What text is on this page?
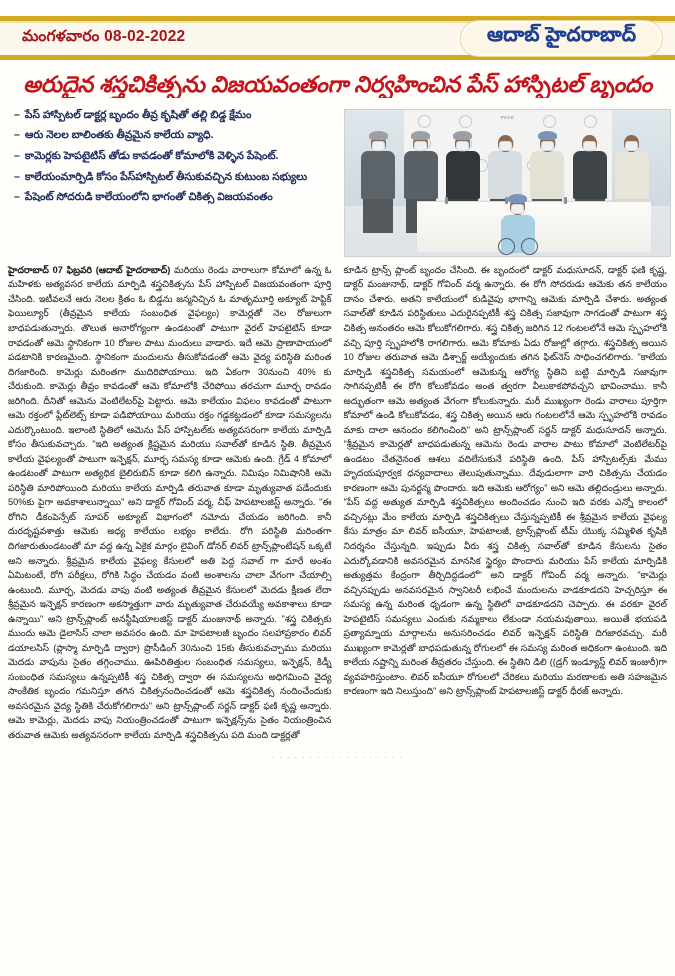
మంగళవారం 08-02-2022	ఆదాబ్ హైదరాబాద్
అరుదైన శస్త్రచికిత్సను విజయవంతంగా నిర్వహించిన పేస్ హాస్పిటల్ బృందం
– పేస్ హాస్పిటల్ డాక్టర్ల బృందం తీవ్ర కృషితో తల్లి బిడ్డ క్షేమం
– ఆరు నెలల బాలింతకు తీవ్రమైన కాలేయ వ్యాధి.
– కామెర్లకు హెపటైటిస్ తోడు కావడంతో కోమాలోకి వెళ్ళిన పేషెంట్.
– కాలేయంమార్పిడి కోసం పేస్‌హాస్పిటల్ తీసుకువచ్చిన కుటుంబ సభ్యులు
– పేషెంట్ సోదరుడి కాలేయంలోని భాగంతో చికిత్స విజయవంతం
PACE

హైదరాబాద్ 07 ఫిబ్రవరి (ఆదాబ్ హైదరాబాద్) మరియు రెండు వారాలుగా కోమాలో ఉన్న ఓ మహిళకు అత్యవసర కాలేయ మార్పిడి శస్త్రచికిత్సను పేస్ హాస్పిటల్ విజయవంతంగా పూర్తి చేసింది. ఇటీవలనే ఆరు నెలల క్రితం ఓ బిడ్డను జన్మనిచ్చిన ఓ మాతృమూర్తి అక్యూట్ హెప్టిక్ ఫెయిల్యూర్ (తీవ్రమైన కాలేయ సంబంధిత వైఫల్యం) కామెర్లతో నెల రోజులుగా బాధపడుతున్నారు. తొలుత అనారోగ్యంగా ఉండటంతో పాటుగా వైరల్ హెపటైటిస్ కూడా రావడంతో ఆమె స్థానికంగా 10 రోజుల పాటు మందులు వాడారు. ఇదే ఆమె ప్రాణాపాయంలో పడటానికి కారణమైంది. స్థానికంగా మందులను తీసుకోవడంతో ఆమె వైద్య పరిస్థితి మరింత దిగజారింది. కామెర్లు మరింతగా ముదిరిపోయాయి. ఇది ఏకంగా 30నుంచి 40% కు చేరుకుంది. కామెర్లు తీవ్రం కావడంతో ఆమె కోమాలోకి చేరిపోయి తరచుగా మూర్ఛ రావడం జరిగింది. దీనితో ఆమెను వెంటిలేటర్‌పై పెట్టారు. ఆమె కాలేయం విఫలం కావడంతో పాటుగా ఆమె రక్తంలో ప్లేట్‌లెట్స్ కూడా పడిపోయాయి మరియు రక్తం గడ్డకట్టడంలో కూడా సమస్యలను ఎదుర్కొంటుంది. ఇలాంటి స్థితిలో ఆమెను పేస్ హాస్పిటల్‌కు అత్యవసరంగా కాలేయ మార్పిడి కోసం తీసుకువచ్చారు. "ఇది అత్యంత క్లిష్టమైన మరియు సవాల్‌తో కూడిన స్థితి. తీవ్రమైన కాలేయ వైఫల్యంతో పాటుగా ఇన్ఫెక్షన్, మూర్ఛ సమస్య కూడా ఆమెకు ఉంది. గ్రేడ్ 4 కోమాలో ఉండటంతో పాటుగా అత్యధిక బైలిరుబిన్ కూడా కలిగి ఉన్నారు. నిమిషం నిమిషానికి ఆమె పరిస్థితి మారిపోయింది మరియు కాలేయ మార్పిడి తరువాత కూడా మృత్యువాత పడేందుకు 50%కు పైగా అవకాశాలున్నాయి" అని డాక్టర్ గోవింద్ వర్మ, చీఫ్ హెపటాలజిస్ట్ అన్నారు. "ఈ రోగిని డీకంపెన్సేట్ సూపర్ అక్యూట్ విభాగంలో నమోదు చేయడం జరిగింది. కానీ దురదృష్టవశాత్తు ఆమెకు అధ్య కాలేయం లభ్యం కాలేదు. రోగి పరిస్థితి మరింతగా దిగజారుతుండటంతో మా వద్ద ఉన్న ఏకైక మార్గం లైవింగ్ డోనర్ లివర్ ట్రాన్స్‌ప్లాంటేషన్ ఒక్కటే అని అన్నారు. శ్రీవ్రమైన కాలేయ వైఫల్య కేసులలో అతి పెద్ద సవాల్ గా మారే అంశం ఏమిటంటే, రోగి పరీక్షలు, రోగికి సిద్ధం చేయడం వంటి అంశాలను చాలా వేగంగా చేయాల్సి ఉంటుంది. మూర్ఛ, మెదడు వాపు వంటి అత్యంత తీవ్రమైన కేసులలో మెదడు క్షీణత లేదా శ్రీవ్రమైన ఇన్ఫెక్షన్ కారణంగా అకస్మాత్తుగా వారు మృత్యువాత చేరువయ్యే అవకాశాలు కూడా ఉన్నాయి" అని ట్రాన్స్‌ప్లాంట్ అనస్థీషియాలజిస్ట్ డాక్టర్ మంజునాథ్ అన్నారు. "శస్త్ర చికిత్సకు ముందు ఆమె డైలాసిస్ చాలా అవసరం ఉంది. మా హెపటాలజీ బృందం సలహాప్రకారం లివర్ డయాలసిస్ (ప్లాస్మా మార్పిడి ద్వారా) ప్రొసీడింగ్ 30నుంచి 15కు తీసుకువచ్చాము మరియు మెదడు వాపును సైతం తగ్గించాము. ఊపిరితిత్తుల సంబంధిత సమస్యలు, ఇన్ఫెక్షన్, కిడ్నీ సంబంధిత సమస్యలు ఉన్నప్పటికీ శస్త్ర చికిత్స ద్వారా ఈ సమస్యలను అధిగమించి వైద్య సాంకేతిక బృందం గమనిస్తూ తగిన చికిత్సనందించడంతో ఆమె శస్త్రచికిత్స నందించేందుకు అవసరమైన వైద్య స్థితికి చేరుకోగలిగారు" అని ట్రాన్స్‌ప్లాంట్ సర్జన్ డాక్టర్ ఫణి కృష్ణ అన్నారు. ఆమె కామెర్లు, మెదడు వాపు నియంత్రించడంతో పాటుగా ఇన్ఫెక్షన్స్‌ను సైతం నియంత్రించిన తరువాత ఆమెకు అత్యవసరంగా కాలేయ మార్పిడి శస్త్రచికిత్సను పది మంది డాక్టర్లతో

కూడిన ట్రాన్స్ ప్లాంట్ బృందం చేసింది. ఈ బృందంలో డాక్టర్ మధుసూదన్, డాక్టర్ ఫణి కృష్ణ, డాక్టర్ మంజునాథ్, డాక్టర్ గోవింద్ వర్మ ఉన్నారు. ఈ రోగి సోదరుడు ఆమెకు తన కాలేయం దానం చేశారు. అతని కాలేయంలో కుడివైపు భాగాన్ని ఆమెకు మార్పిడి చేశారు. అత్యంత సవాల్‌తో కూడిన పరిస్థితులు ఎదురైనప్పటికీ శస్త్ర చికిత్స సజావుగా సాగడంతో పాటుగా శస్త్ర చికిత్స అనంతరం ఆమె కోలుకోగలిగారు. శస్త్ర చికిత్స జరిగిన 12 గంటలలోనే ఆమె స్పృహలోకి వచ్చి పూర్తి స్పృహలోకి రాగలిగారు. ఆమె కోమాకు ఏడు రోజుల్లో తగ్గారు. శస్త్రచికిత్స అయిన 10 రోజుల తరువాత ఆమె డిశ్చార్జ్ అయ్యేందుకు తగిన ఫిట్‌నెస్ సాధించగలిగారు. "కాలేయ మార్పిడి శస్త్రచికిత్స సమయంలో ఆమెకున్న ఆరోగ్య స్థితిని బట్టి మార్పిడి సజావుగా సాగినప్పటికీ ఈ రోగి కోలుకోవడం అంత త్వరగా వీలుకాకపోవచ్చని భావించాము. కానీ అద్భుతంగా ఆమె అత్యంత వేగంగా కోలుకున్నారు. మరీ ముఖ్యంగా రెండు వారాలు పూర్తిగా కోమాలో ఉండి కోలుకోవడం, శస్త్ర చికిత్స అయిన ఆరు గంటలలోనే ఆమె స్పృహలోకి రావడం మాకు దాలా ఆనందం కలిగించింది" అని ట్రాన్స్‌ప్లాంట్ సర్జన్ డాక్టర్ మధుసూదన్ అన్నారు. "శ్రీవ్రమైన కామెర్లతో బాధపడుతున్న ఆమెను రెండు వారాల పాటు కోమాలో వెంటిలేటర్‌పై ఉండటం చేతనైనంత ఆశలు వదిలేసుకునే పరిస్థితి ఉంది. పేస్ హాస్పిటల్స్‌కు మేము హృదయపూర్వక ధన్యవాదాలు తెలుపుతున్నాము. దేవుడులాగా వారి చికిత్సను చేయడం కారణంగా ఆమె పునర్జన్మ పొందారు. ఇది ఆమెకు ఆరోగ్యం" అని ఆమె తల్లిదండ్రులు అన్నారు. "పేస్ వద్ద అత్యుత మార్పిడి శస్త్రచికిత్సలు అందించడం నుంచి ఇది వరకు ఎన్నో కాలంలో వచ్చినట్లు మేం కాలేయ మార్పిడి శస్త్రచికిత్సలు చేస్తున్నప్పటికీ ఈ శ్రీవ్రమైన కాలేయ వైఫల్య కేసు మాత్రం మా లివర్ ఐసీయూ, హెపటాలజీ, ట్రాన్స్‌ప్లాంట్ టీమ్ యొక్క సమ్మిళిత కృషికి నిదర్శనం చేస్తున్నది. ఇప్పుడు వీరు శస్త్ర చికిత్స సవాల్‌తో కూడిన కేసులను సైతం ఎదుర్కోవడానికి అవసరమైన మానసిక స్థైర్యం పొందారు మరియు పేస్ కాలేయ మార్పిడికి అత్యుత్తమ కేంద్రంగా తీర్చిదిద్దడంలో" అని డాక్టర్ గోవింద్ వర్మ అన్నారు. "కామెర్లు వచ్చినప్పుడు అనవసరమైన స్వానిటరీ లభించే మందులను వాడకూడదని హెచ్చరిస్తూ ఈ సమస్య ఉన్న మరింత ధృడంగా ఉన్న స్థితిలో వాడకూడదని చెప్పారు. ఈ వరకూ వైరల్ హెపటైటిస్ సమస్యలు ఎందుకు నమ్మకాలు లేకుండా నయమవుతాయి. అయితే భయపడి ప్రత్యామ్నాయ మార్గాలను అనుసరించడం లివర్ ఇన్ఫెక్షన్ పరిస్థితి దిగజారవచ్చు. మరీ ముఖ్యంగా కామెర్లతో బాధపడుతున్న రోగులలో ఈ సమస్య మరింత అధికంగా ఉంటుంది. ఇది కాలేయ నష్టాన్ని మరింత తీవ్రతరం చేస్తుంది. ఈ స్థితిని డిలి ((డ్రగ్ ఇండ్యూస్డ్ లివర్ ఇంజురీ)గా వ్యవహరిస్తుంటాం. లివర్ ఐసీయూ రోగులలో చేరికలు మరియు మరణాలకు అతి సహజమైన కారణంగా ఇది నిలుస్తుంది" అని ట్రాన్స్‌ప్లాంట్ హెపటాలజిస్ట్ డాక్టర్ ధీరజ్ అన్నారు.

· · · · · · · · · · · · · · · · · ·
